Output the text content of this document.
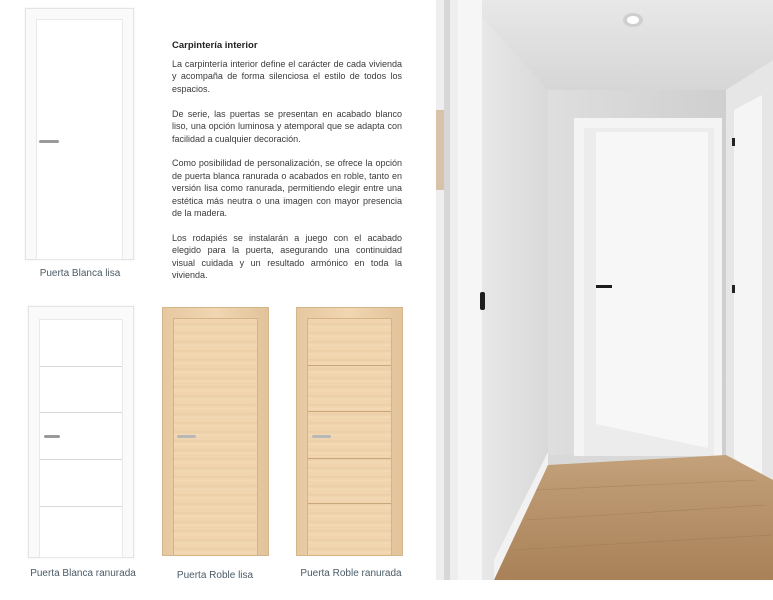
Puerta Blanca lisa
Puerta Blanca ranurada	Puerta Roble lisa	Puerta Roble ranurada
Carpintería interior

La carpintería interior define el carácter de cada vivienda y acompaña de forma silenciosa el estilo de todos los espacios.

De serie, las puertas se presentan en acabado blanco liso, una opción luminosa y atemporal que se adapta con facilidad a cualquier decoración.

Como posibilidad de personalización, se ofrece la opción de puerta blanca ranurada o acabados en roble, tanto en versión lisa como ranurada, permitiendo elegir entre una estética más neutra o una imagen con mayor presencia de la madera.

Los rodapiés se instalarán a juego con el acabado elegido para la puerta, asegurando una continuidad visual cuidada y un resultado armónico en toda la vivienda.
